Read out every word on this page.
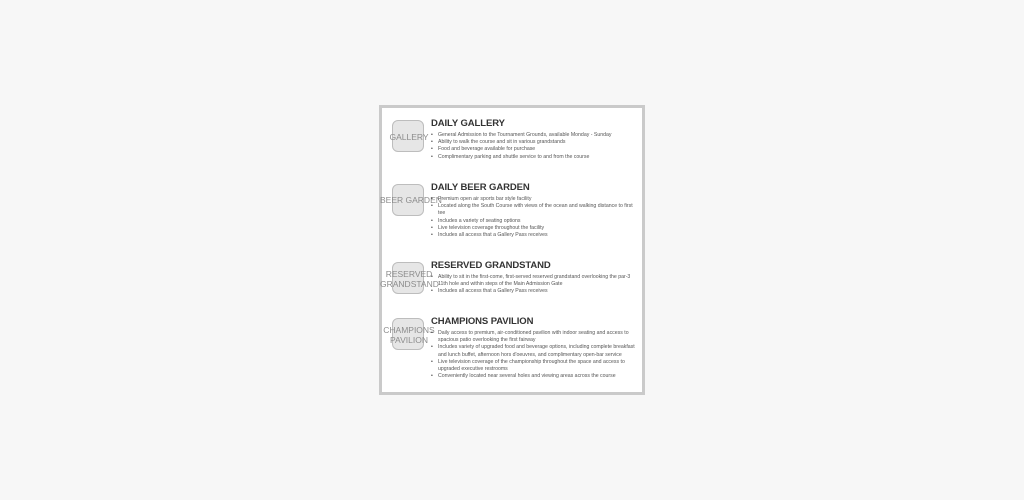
GALLERY
DAILY GALLERY
• General Admission to the Tournament Grounds, available Monday - Sunday
• Ability to walk the course and sit in various grandstands
• Food and beverage available for purchase
• Complimentary parking and shuttle service to and from the course
BEER GARDEN
DAILY BEER GARDEN
• Premium open air sports bar style facility
• Located along the South Course with views of the ocean and walking distance to first tee
• Includes a variety of seating options
• Live television coverage throughout the facility
• Includes all access that a Gallery Pass receives
RESERVED
GRANDSTAND
RESERVED GRANDSTAND
• Ability to sit in the first-come, first-served reserved grandstand overlooking the par-3 11th hole and within steps of the Main Admission Gate
• Includes all access that a Gallery Pass receives
CHAMPIONS
PAVILION
CHAMPIONS PAVILION
• Daily access to premium, air-conditioned pavilion with indoor seating and access to spacious patio overlooking the first fairway
• Includes variety of upgraded food and beverage options, including complete breakfast and lunch buffet, afternoon hors d'oeuvres, and complimentary open-bar service
• Live television coverage of the championship throughout the space and access to upgraded executive restrooms
• Conveniently located near several holes and viewing areas across the course
